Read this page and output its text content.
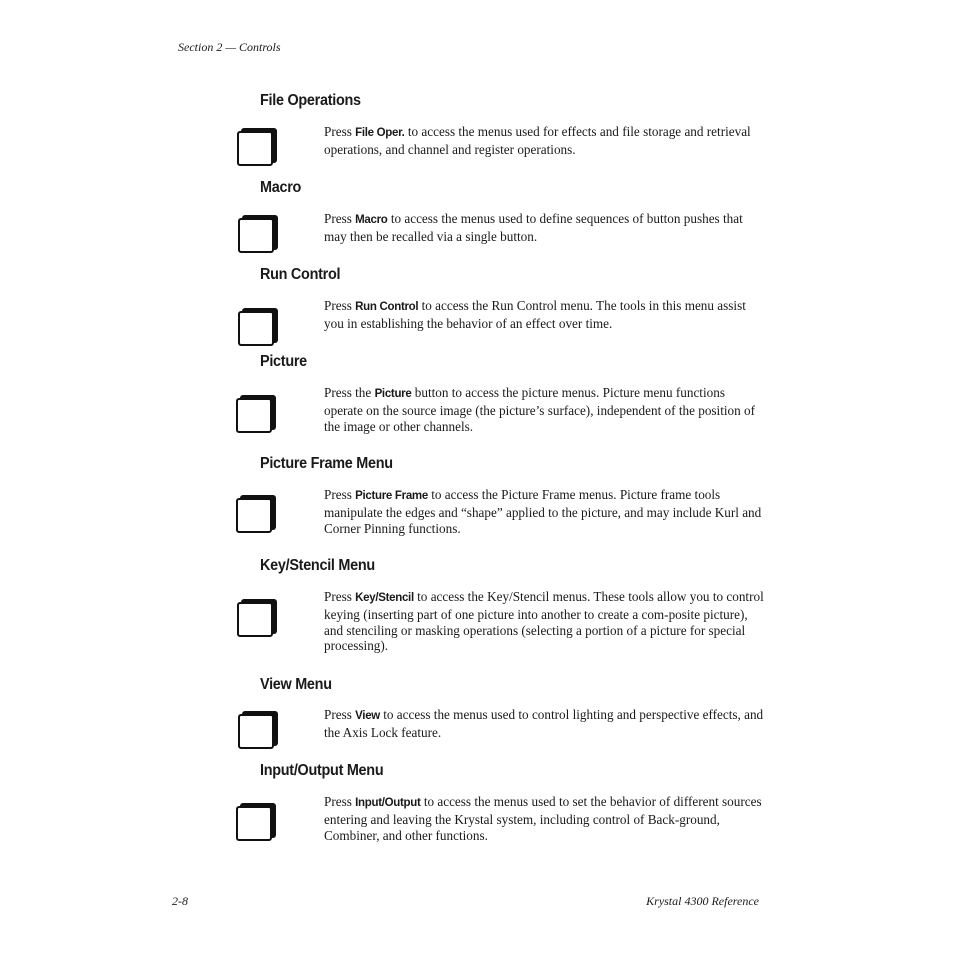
Section 2 — Controls
File Operations
Press File Oper. to access the menus used for effects and file storage and retrieval operations, and channel and register operations.
Macro
Press Macro to access the menus used to define sequences of button pushes that may then be recalled via a single button.
Run Control
Press Run Control to access the Run Control menu. The tools in this menu assist you in establishing the behavior of an effect over time.
Picture
Press the Picture button to access the picture menus. Picture menu functions operate on the source image (the picture’s surface), independent of the position of the image or other channels.
Picture Frame Menu
Press Picture Frame to access the Picture Frame menus. Picture frame tools manipulate the edges and “shape” applied to the picture, and may include Kurl and Corner Pinning functions.
Key/Stencil Menu
Press Key/Stencil to access the Key/Stencil menus. These tools allow you to control keying (inserting part of one picture into another to create a com-posite picture), and stenciling or masking operations (selecting a portion of a picture for special processing).
View Menu
Press View to access the menus used to control lighting and perspective effects, and the Axis Lock feature.
Input/Output Menu
Press Input/Output to access the menus used to set the behavior of different sources entering and leaving the Krystal system, including control of Back-ground, Combiner, and other functions.
2-8	Krystal 4300 Reference
